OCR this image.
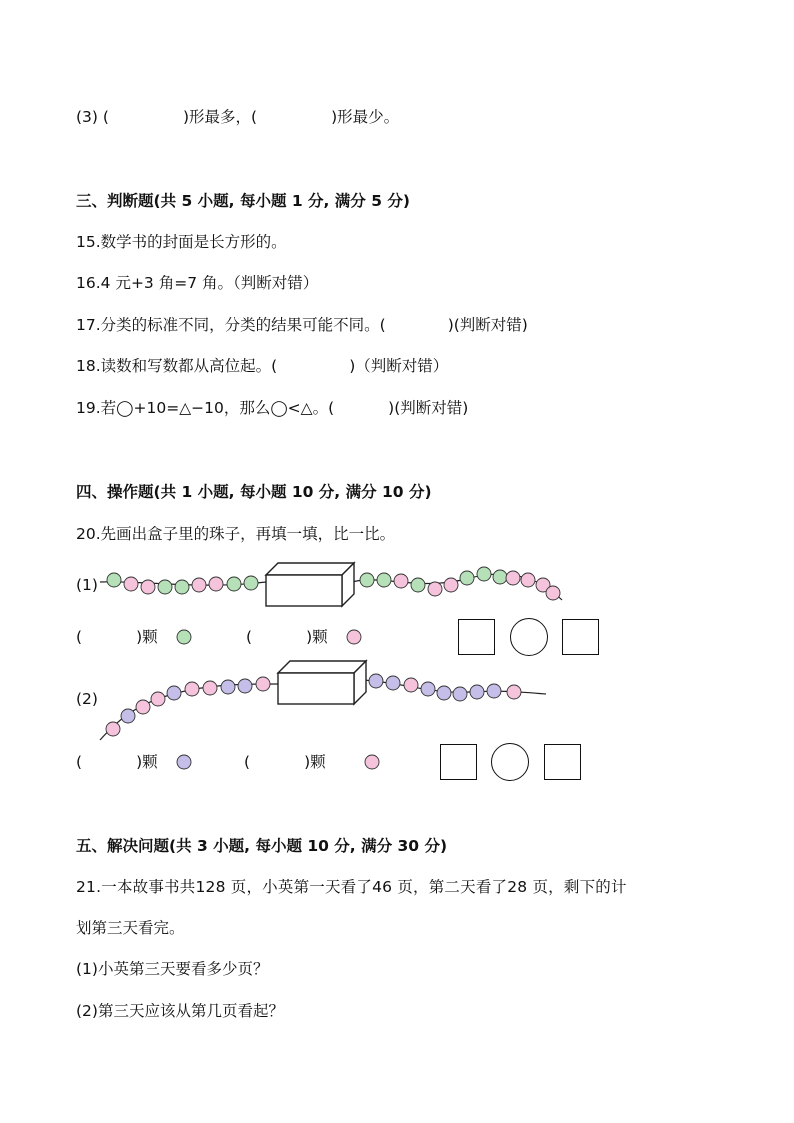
(3) (	)形最多，(	)形最少。
三、判断题(共 5 小题, 每小题 1 分, 满分 5 分)
15.数学书的封面是长方形的。
16.4 元+3 角=7 角。（判断对错）
17.分类的标准不同，分类的结果可能不同。(	)(判断对错)
18.读数和写数都从高位起。(	)（判断对错）
19.若◯+10=△−10，那么◯<△。(	)(判断对错)
四、操作题(共 1 小题, 每小题 10 分, 满分 10 分)
20.先画出盒子里的珠子，再填一填，比一比。
(1)
(2)
(	)颗	(	)颗
(	)颗	(	)颗
五、解决问题(共 3 小题, 每小题 10 分, 满分 30 分)
21.一本故事书共128 页，小英第一天看了46 页，第二天看了28 页，剩下的计
划第三天看完。
(1)小英第三天要看多少页？
(2)第三天应该从第几页看起？
